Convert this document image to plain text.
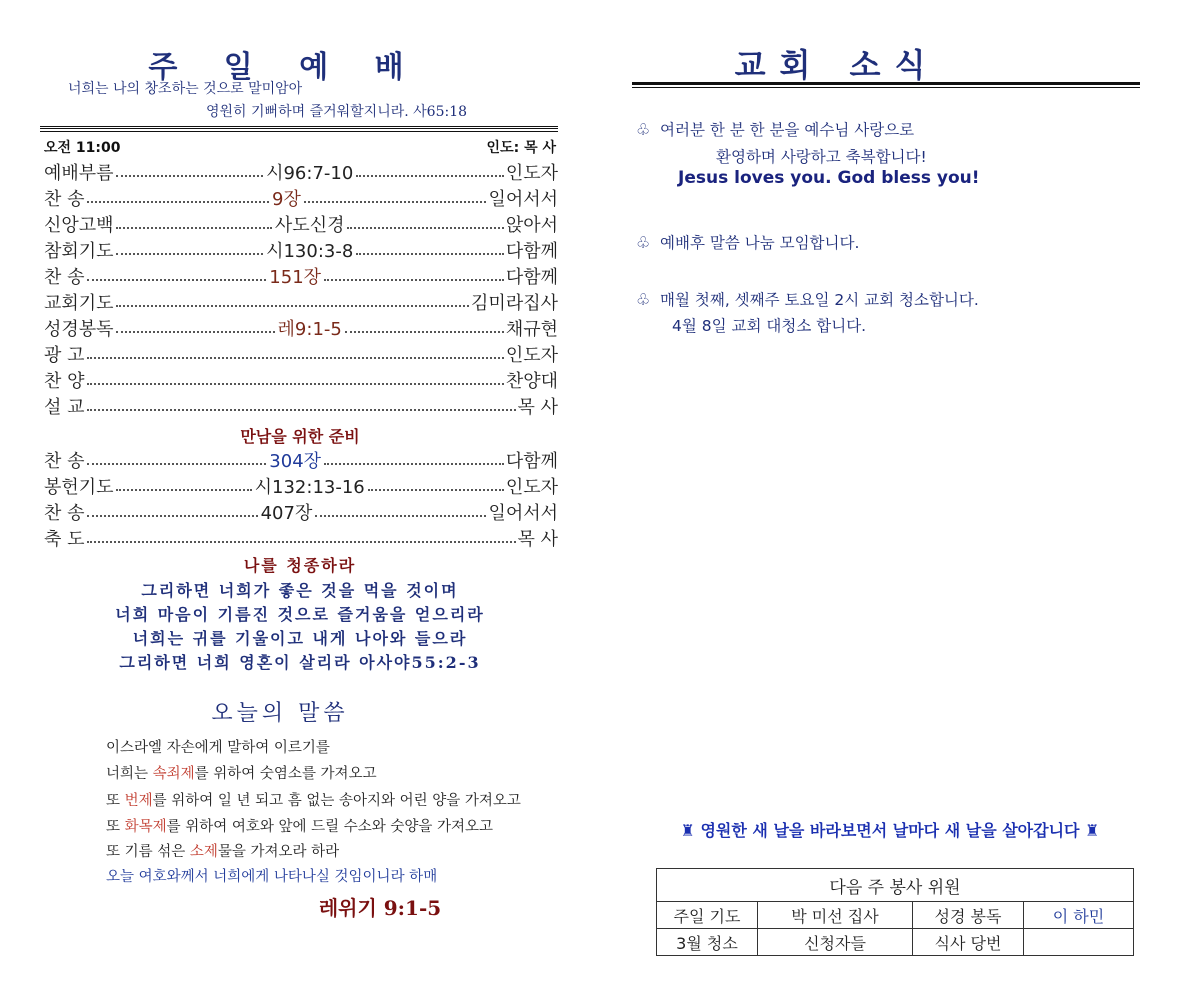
주 일 예 배
너희는 나의 창조하는 것으로 말미암아
영원히 기뻐하며 즐거워할지니라. 사65:18
오전 11:00	인도: 목 사
예배부름	시96:7-10	인도자
찬 송	9장	일어서서
신앙고백	사도신경	앉아서
참회기도	시130:3-8	다함께
찬 송	151장	다함께
교회기도	김미라집사
성경봉독	레9:1-5	채규현
광 고	인도자
찬 양	찬양대
설 교	목 사
만남을 위한 준비
찬 송	304장	다함께
봉헌기도	시132:13-16	인도자
찬 송	407장	일어서서
축 도	목 사
나를 청종하라
그리하면 너희가 좋은 것을 먹을 것이며
너희 마음이 기름진 것으로 즐거움을 얻으리라
너희는 귀를 기울이고 내게 나아와 들으라
그리하면 너희 영혼이 살리라 아사야55:2-3
오늘의 말씀
이스라엘 자손에게 말하여 이르기를
너희는 속죄제를 위하여 숫염소를 가져오고
또 번제를 위하여 일 년 되고 흠 없는 송아지와 어린 양을 가져오고
또 화목제를 위하여 여호와 앞에 드릴 수소와 숫양을 가져오고
또 기름 섞은 소제물을 가져오라 하라
오늘 여호와께서 너희에게 나타나실 것임이니라 하매
레위기 9:1-5
교회 소식
♧ 여러분 한 분 한 분을 예수님 사랑으로
환영하며 사랑하고 축복합니다!
Jesus loves you. God bless you!
♧ 예배후 말씀 나눔 모임합니다.
♧ 매월 첫째, 셋째주 토요일 2시 교회 청소합니다.
4월 8일 교회 대청소 합니다.
♜ 영원한 새 날을 바라보면서 날마다 새 날을 살아갑니다 ♜
다음 주 봉사 위원			
주일 기도	박 미선 집사	성경 봉독	이 하민
3월 청소	신청자들	식사 당번	
